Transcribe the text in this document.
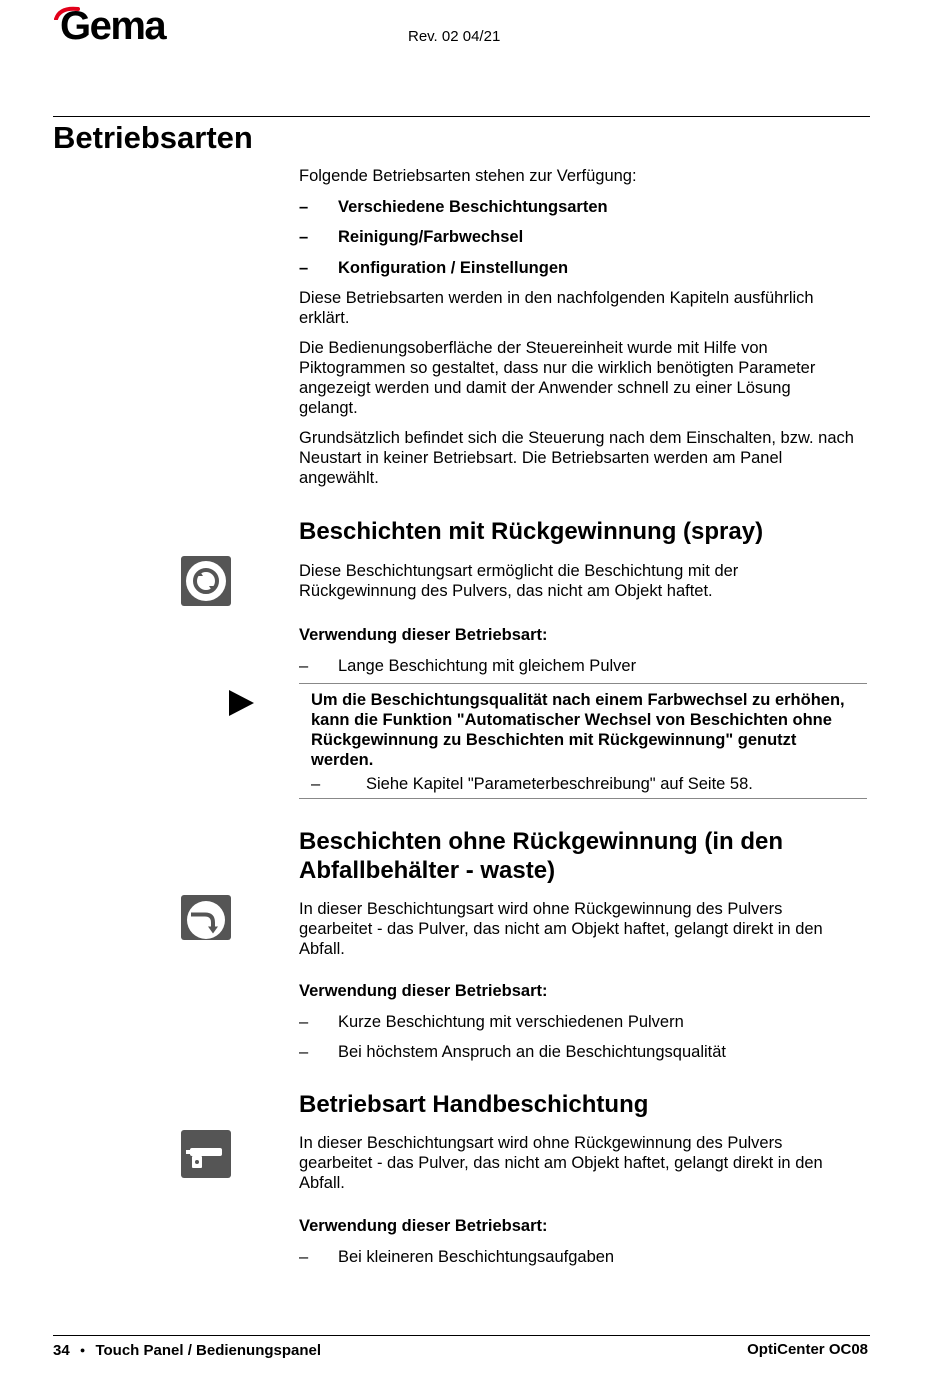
Gema	Rev. 02 04/21
Betriebsarten
Folgende Betriebsarten stehen zur Verfügung:
– Verschiedene Beschichtungsarten
– Reinigung/Farbwechsel
– Konfiguration / Einstellungen
Diese Betriebsarten werden in den nachfolgenden Kapiteln ausführlich erklärt.
Die Bedienungsoberfläche der Steuereinheit wurde mit Hilfe von Piktogrammen so gestaltet, dass nur die wirklich benötigten Parameter angezeigt werden und damit der Anwender schnell zu einer Lösung gelangt.
Grundsätzlich befindet sich die Steuerung nach dem Einschalten, bzw. nach Neustart in keiner Betriebsart. Die Betriebsarten werden am Panel angewählt.
Beschichten mit Rückgewinnung (spray)
Diese Beschichtungsart ermöglicht die Beschichtung mit der Rückgewinnung des Pulvers, das nicht am Objekt haftet.
Verwendung dieser Betriebsart:
– Lange Beschichtung mit gleichem Pulver
Um die Beschichtungsqualität nach einem Farbwechsel zu erhöhen, kann die Funktion "Automatischer Wechsel von Beschichten ohne Rückgewinnung zu Beschichten mit Rückgewinnung" genutzt werden.
–	Siehe Kapitel "Parameterbeschreibung" auf Seite 58.
Beschichten ohne Rückgewinnung (in den Abfallbehälter - waste)
In dieser Beschichtungsart wird ohne Rückgewinnung des Pulvers gearbeitet - das Pulver, das nicht am Objekt haftet, gelangt direkt in den Abfall.
Verwendung dieser Betriebsart:
– Kurze Beschichtung mit verschiedenen Pulvern
– Bei höchstem Anspruch an die Beschichtungsqualität
Betriebsart Handbeschichtung
In dieser Beschichtungsart wird ohne Rückgewinnung des Pulvers gearbeitet - das Pulver, das nicht am Objekt haftet, gelangt direkt in den Abfall.
Verwendung dieser Betriebsart:
– Bei kleineren Beschichtungsaufgaben
34 ● Touch Panel / Bedienungspanel	OptiCenter OC08
